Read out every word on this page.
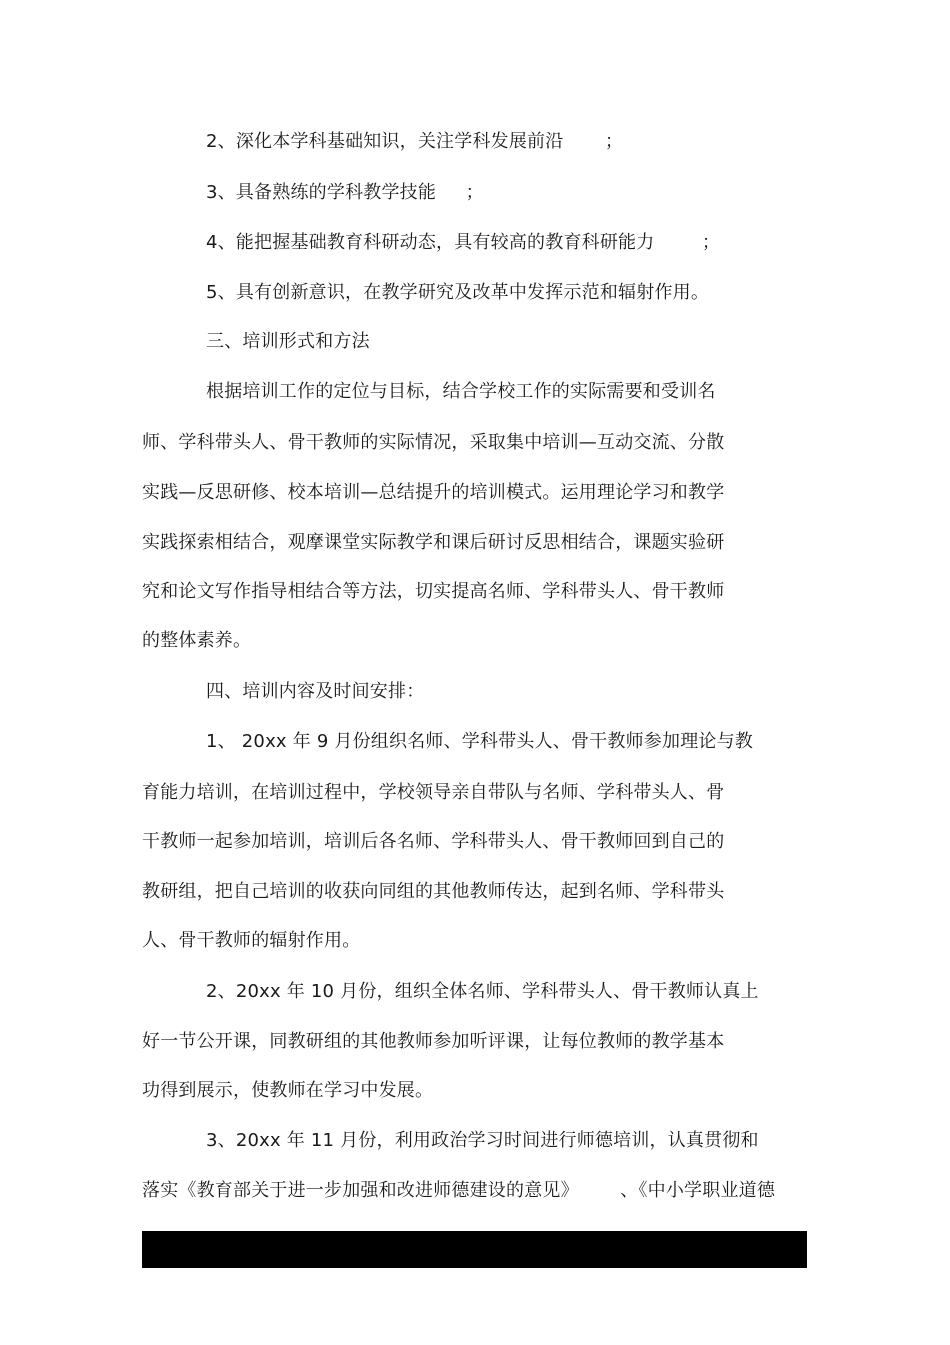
2、深化本学科基础知识，关注学科发展前沿       ；
3、具备熟练的学科教学技能     ；
4、能把握基础教育科研动态，具有较高的教育科研能力        ；
5、具有创新意识，在教学研究及改革中发挥示范和辐射作用。
三、培训形式和方法
根据培训工作的定位与目标，结合学校工作的实际需要和受训名
师、学科带头人、骨干教师的实际情况，采取集中培训—互动交流、分散
实践—反思研修、校本培训—总结提升的培训模式。运用理论学习和教学
实践探索相结合，观摩课堂实际教学和课后研讨反思相结合，课题实验研
究和论文写作指导相结合等方法，切实提高名师、学科带头人、骨干教师
的整体素养。
四、培训内容及时间安排：
1、 20xx 年 9 月份组织名师、学科带头人、骨干教师参加理论与教
育能力培训，在培训过程中，学校领导亲自带队与名师、学科带头人、骨
干教师一起参加培训，培训后各名师、学科带头人、骨干教师回到自己的
教研组，把自己培训的收获向同组的其他教师传达，起到名师、学科带头
人、骨干教师的辐射作用。
2、20xx 年 10 月份，组织全体名师、学科带头人、骨干教师认真上
好一节公开课，同教研组的其他教师参加听评课，让每位教师的教学基本
功得到展示，使教师在学习中发展。
3、20xx 年 11 月份，利用政治学习时间进行师德培训，认真贯彻和
落实《教育部关于进一步加强和改进师德建设的意见》       、《中小学职业道德
